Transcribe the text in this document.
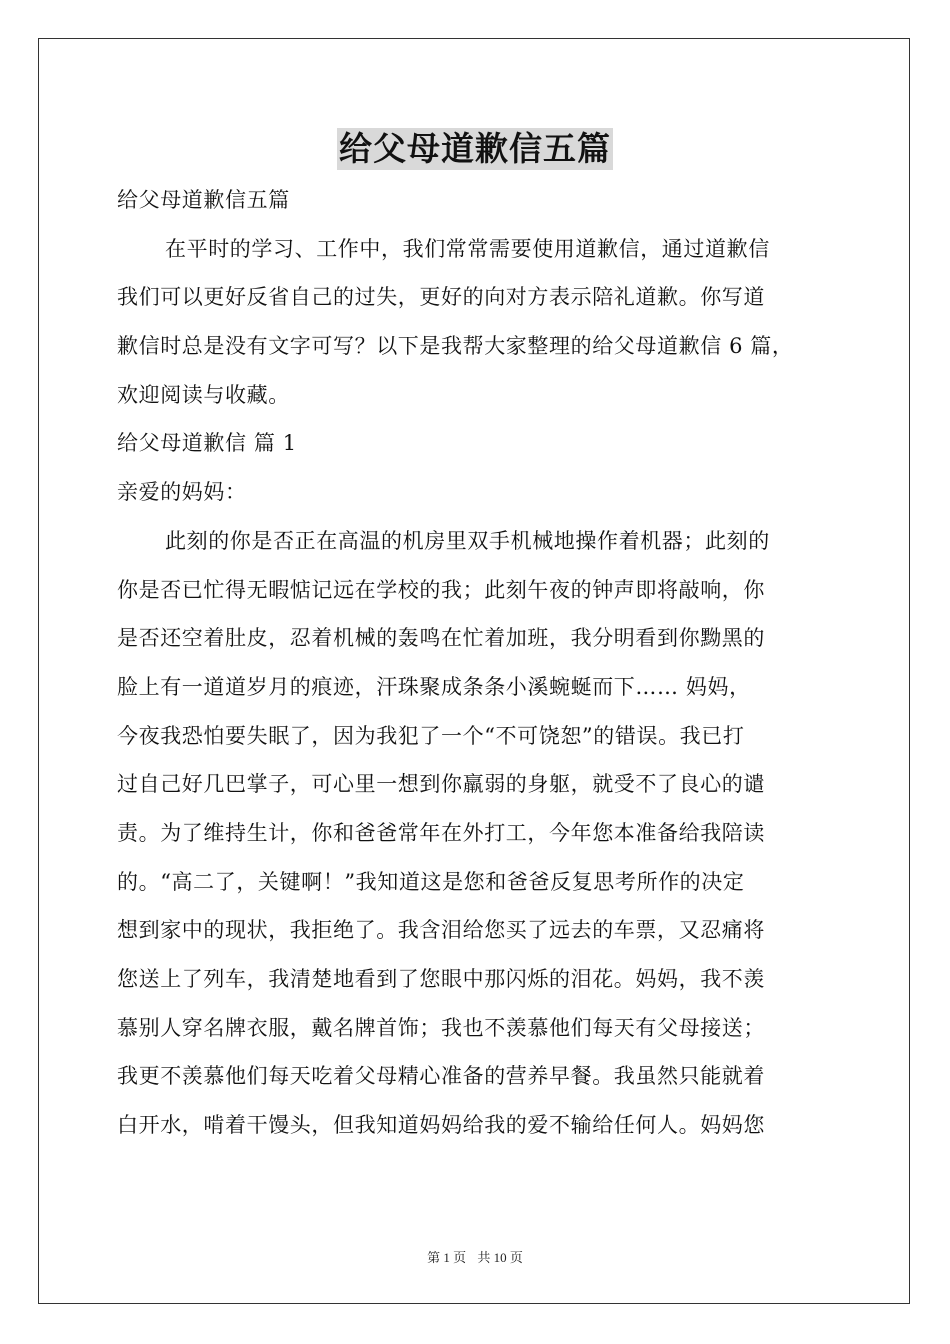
给父母道歉信五篇
给父母道歉信五篇
在平时的学习、工作中，我们常常需要使用道歉信，通过道歉信
我们可以更好反省自己的过失，更好的向对方表示陪礼道歉。你写道
歉信时总是没有文字可写？以下是我帮大家整理的给父母道歉信 6 篇，
欢迎阅读与收藏。
给父母道歉信 篇 1
亲爱的妈妈：
此刻的你是否正在高温的机房里双手机械地操作着机器；此刻的
你是否已忙得无暇惦记远在学校的我；此刻午夜的钟声即将敲响，你
是否还空着肚皮，忍着机械的轰鸣在忙着加班，我分明看到你黝黑的
脸上有一道道岁月的痕迹，汗珠聚成条条小溪蜿蜒而下…… 妈妈，
今夜我恐怕要失眠了，因为我犯了一个“不可饶恕”的错误。我已打
过自己好几巴掌子，可心里一想到你羸弱的身躯，就受不了良心的谴
责。为了维持生计，你和爸爸常年在外打工，今年您本准备给我陪读
的。“高二了，关键啊！”我知道这是您和爸爸反复思考所作的决定
想到家中的现状，我拒绝了。我含泪给您买了远去的车票，又忍痛将
您送上了列车，我清楚地看到了您眼中那闪烁的泪花。妈妈，我不羡
慕别人穿名牌衣服，戴名牌首饰；我也不羡慕他们每天有父母接送；
我更不羡慕他们每天吃着父母精心准备的营养早餐。我虽然只能就着
白开水，啃着干馒头，但我知道妈妈给我的爱不输给任何人。妈妈您
第 1 页 共 10 页
